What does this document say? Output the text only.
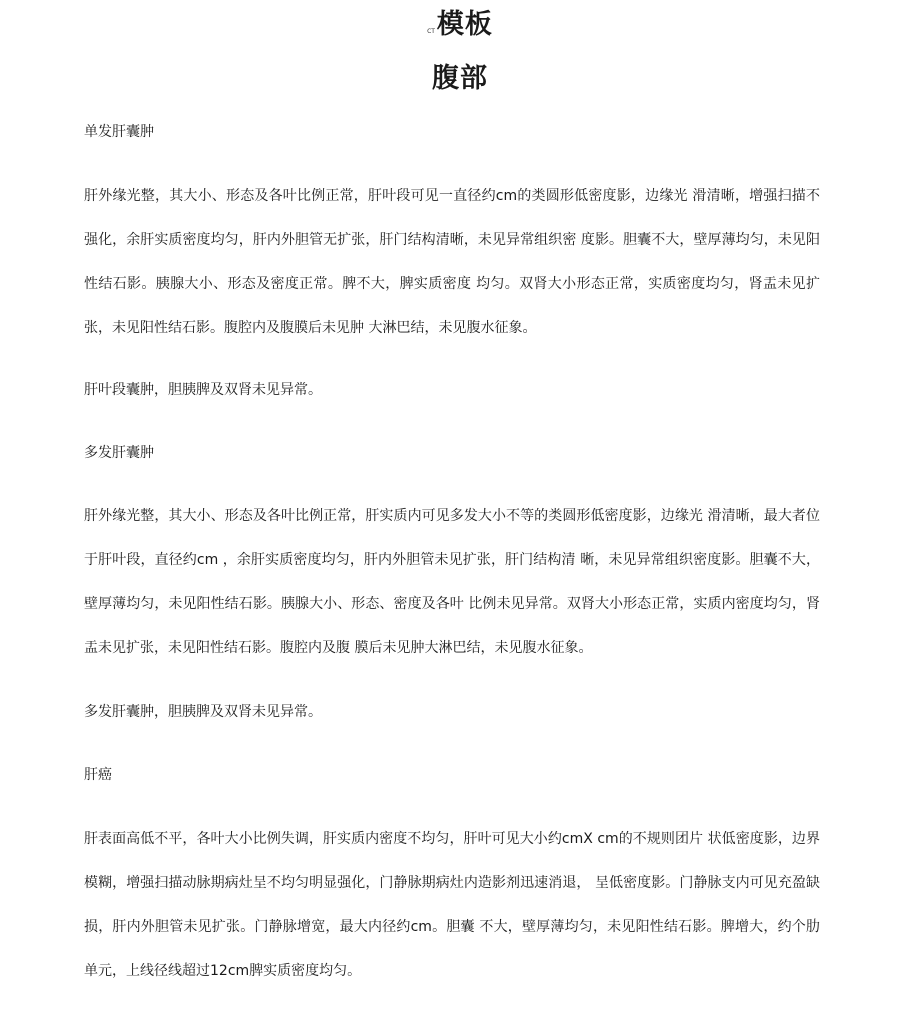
CT模板
腹部
单发肝囊肿
肝外缘光整，其大小、形态及各叶比例正常，肝叶段可见一直径约cm的类圆形低密度影，边缘光 滑清晰，增强扫描不强化，余肝实质密度均匀，肝内外胆管无扩张，肝门结构清晰，未见异常组织密 度影。胆囊不大，壁厚薄均匀，未见阳性结石影。胰腺大小、形态及密度正常。脾不大，脾实质密度 均匀。双肾大小形态正常，实质密度均匀，肾盂未见扩张，未见阳性结石影。腹腔内及腹膜后未见肿 大淋巴结，未见腹水征象。
肝叶段囊肿，胆胰脾及双肾未见异常。
多发肝囊肿
肝外缘光整，其大小、形态及各叶比例正常，肝实质内可见多发大小不等的类圆形低密度影，边缘光 滑清晰，最大者位于肝叶段，直径约cm ，余肝实质密度均匀，肝内外胆管未见扩张，肝门结构清 晰，未见异常组织密度影。胆囊不大，壁厚薄均匀，未见阳性结石影。胰腺大小、形态、密度及各叶 比例未见异常。双肾大小形态正常，实质内密度均匀，肾盂未见扩张，未见阳性结石影。腹腔内及腹 膜后未见肿大淋巴结，未见腹水征象。
多发肝囊肿，胆胰脾及双肾未见异常。
肝癌
肝表面高低不平，各叶大小比例失调，肝实质内密度不均匀，肝叶可见大小约cmX cm的不规则团片 状低密度影，边界模糊，增强扫描动脉期病灶呈不均匀明显强化，门静脉期病灶内造影剂迅速消退， 呈低密度影。门静脉支内可见充盈缺损，肝内外胆管未见扩张。门静脉增宽，最大内径约cm。胆囊 不大，壁厚薄均匀，未见阳性结石影。脾增大，约个肋单元，上线径线超过12cm脾实质密度均匀。
